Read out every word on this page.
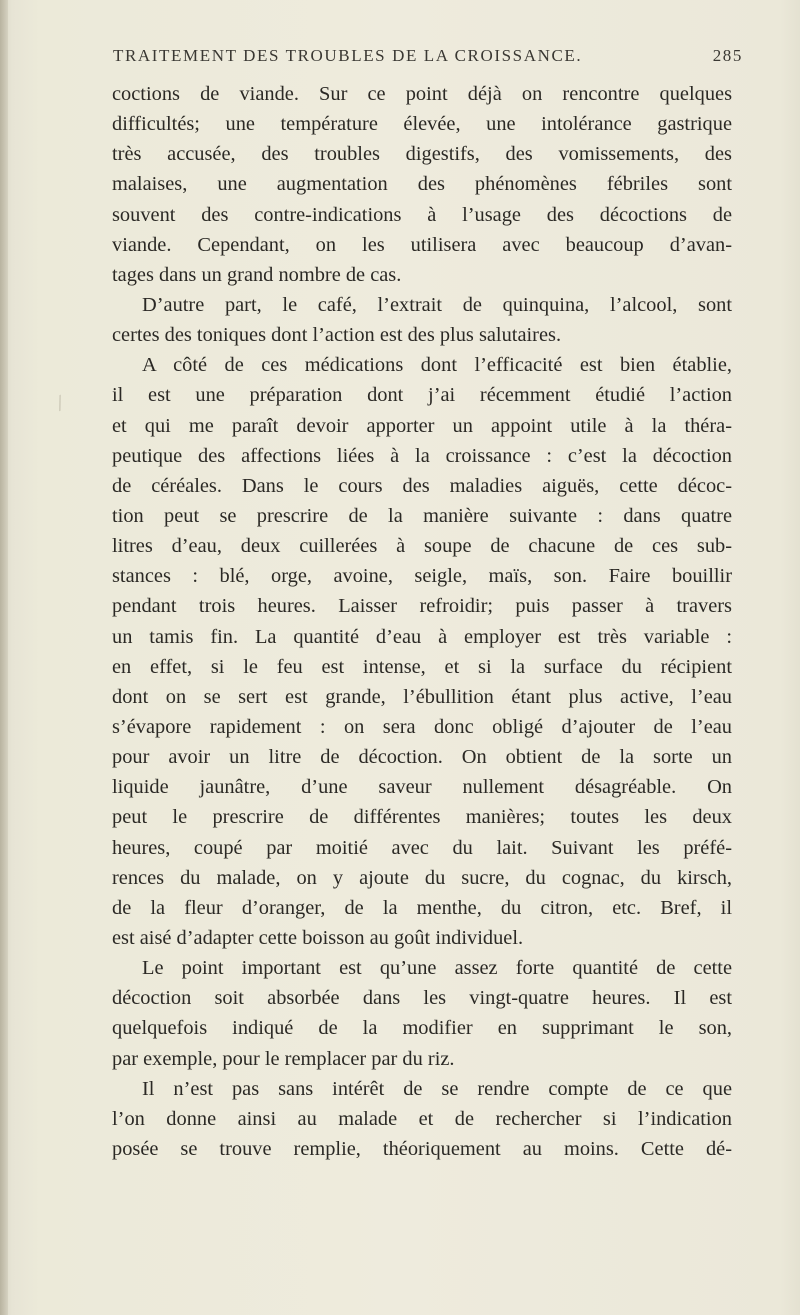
TRAITEMENT DES TROUBLES DE LA CROISSANCE.	285
⁄
coctions de viande. Sur ce point déjà on rencontre quelques
difficultés; une température élevée, une intolérance gastrique
très accusée, des troubles digestifs, des vomissements, des
malaises, une augmentation des phénomènes fébriles sont
souvent des contre-indications à l’usage des décoctions de
viande. Cependant, on les utilisera avec beaucoup d’avan-
tages dans un grand nombre de cas.
D’autre part, le café, l’extrait de quinquina, l’alcool, sont
certes des toniques dont l’action est des plus salutaires.
A côté de ces médications dont l’efficacité est bien établie,
il est une préparation dont j’ai récemment étudié l’action
et qui me paraît devoir apporter un appoint utile à la théra-
peutique des affections liées à la croissance : c’est la décoction
de céréales. Dans le cours des maladies aiguës, cette décoc-
tion peut se prescrire de la manière suivante : dans quatre
litres d’eau, deux cuillerées à soupe de chacune de ces sub-
stances : blé, orge, avoine, seigle, maïs, son. Faire bouillir
pendant trois heures. Laisser refroidir; puis passer à travers
un tamis fin. La quantité d’eau à employer est très variable :
en effet, si le feu est intense, et si la surface du récipient
dont on se sert est grande, l’ébullition étant plus active, l’eau
s’évapore rapidement : on sera donc obligé d’ajouter de l’eau
pour avoir un litre de décoction. On obtient de la sorte un
liquide jaunâtre, d’une saveur nullement désagréable. On
peut le prescrire de différentes manières; toutes les deux
heures, coupé par moitié avec du lait. Suivant les préfé-
rences du malade, on y ajoute du sucre, du cognac, du kirsch,
de la fleur d’oranger, de la menthe, du citron, etc. Bref, il
est aisé d’adapter cette boisson au goût individuel.
Le point important est qu’une assez forte quantité de cette
décoction soit absorbée dans les vingt-quatre heures. Il est
quelquefois indiqué de la modifier en supprimant le son,
par exemple, pour le remplacer par du riz.
Il n’est pas sans intérêt de se rendre compte de ce que
l’on donne ainsi au malade et de rechercher si l’indication
posée se trouve remplie, théoriquement au moins. Cette dé-
